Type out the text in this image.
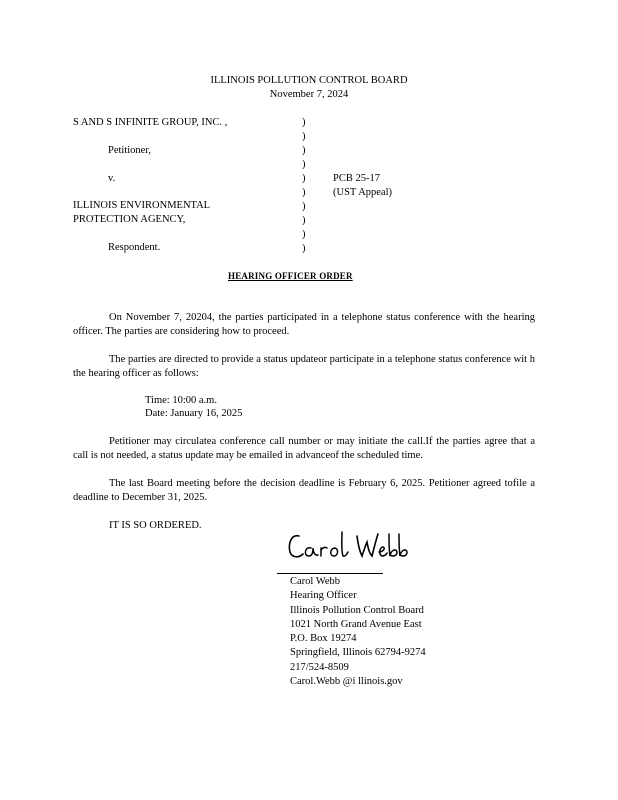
ILLINOIS POLLUTION CONTROL BOARD
November 7, 2024
S AND S INFINITE GROUP, INC. ,
Petitioner,
v.
ILLINOIS ENVIRONMENTAL
PROTECTION AGENCY,
Respondent.
)
)
)
)
)
)
)
)
)
)
PCB 25-17
(UST Appeal)
HEARING OFFICER ORDER
On November 7, 20204, the parties participated in a telephone status conference with the hearing officer. The parties are considering how to proceed.
The parties are directed to provide a status updateor participate in a telephone status conference wit h the hearing officer as follows:
Time: 10:00 a.m.
Date: January 16, 2025
Petitioner may circulatea conference call number or may initiate the call.If the parties agree that a call is not needed, a status update may be emailed in advanceof the scheduled time.
The last Board meeting before the decision deadline is February 6, 2025. Petitioner agreed tofile a deadline to December 31, 2025.
IT IS SO ORDERED.
Carol Webb
Hearing Officer
Illinois Pollution Control Board
1021 North Grand Avenue East
P.O. Box 19274
Springfield, Illinois 62794-9274
217/524-8509
Carol.Webb @i llinois.gov
